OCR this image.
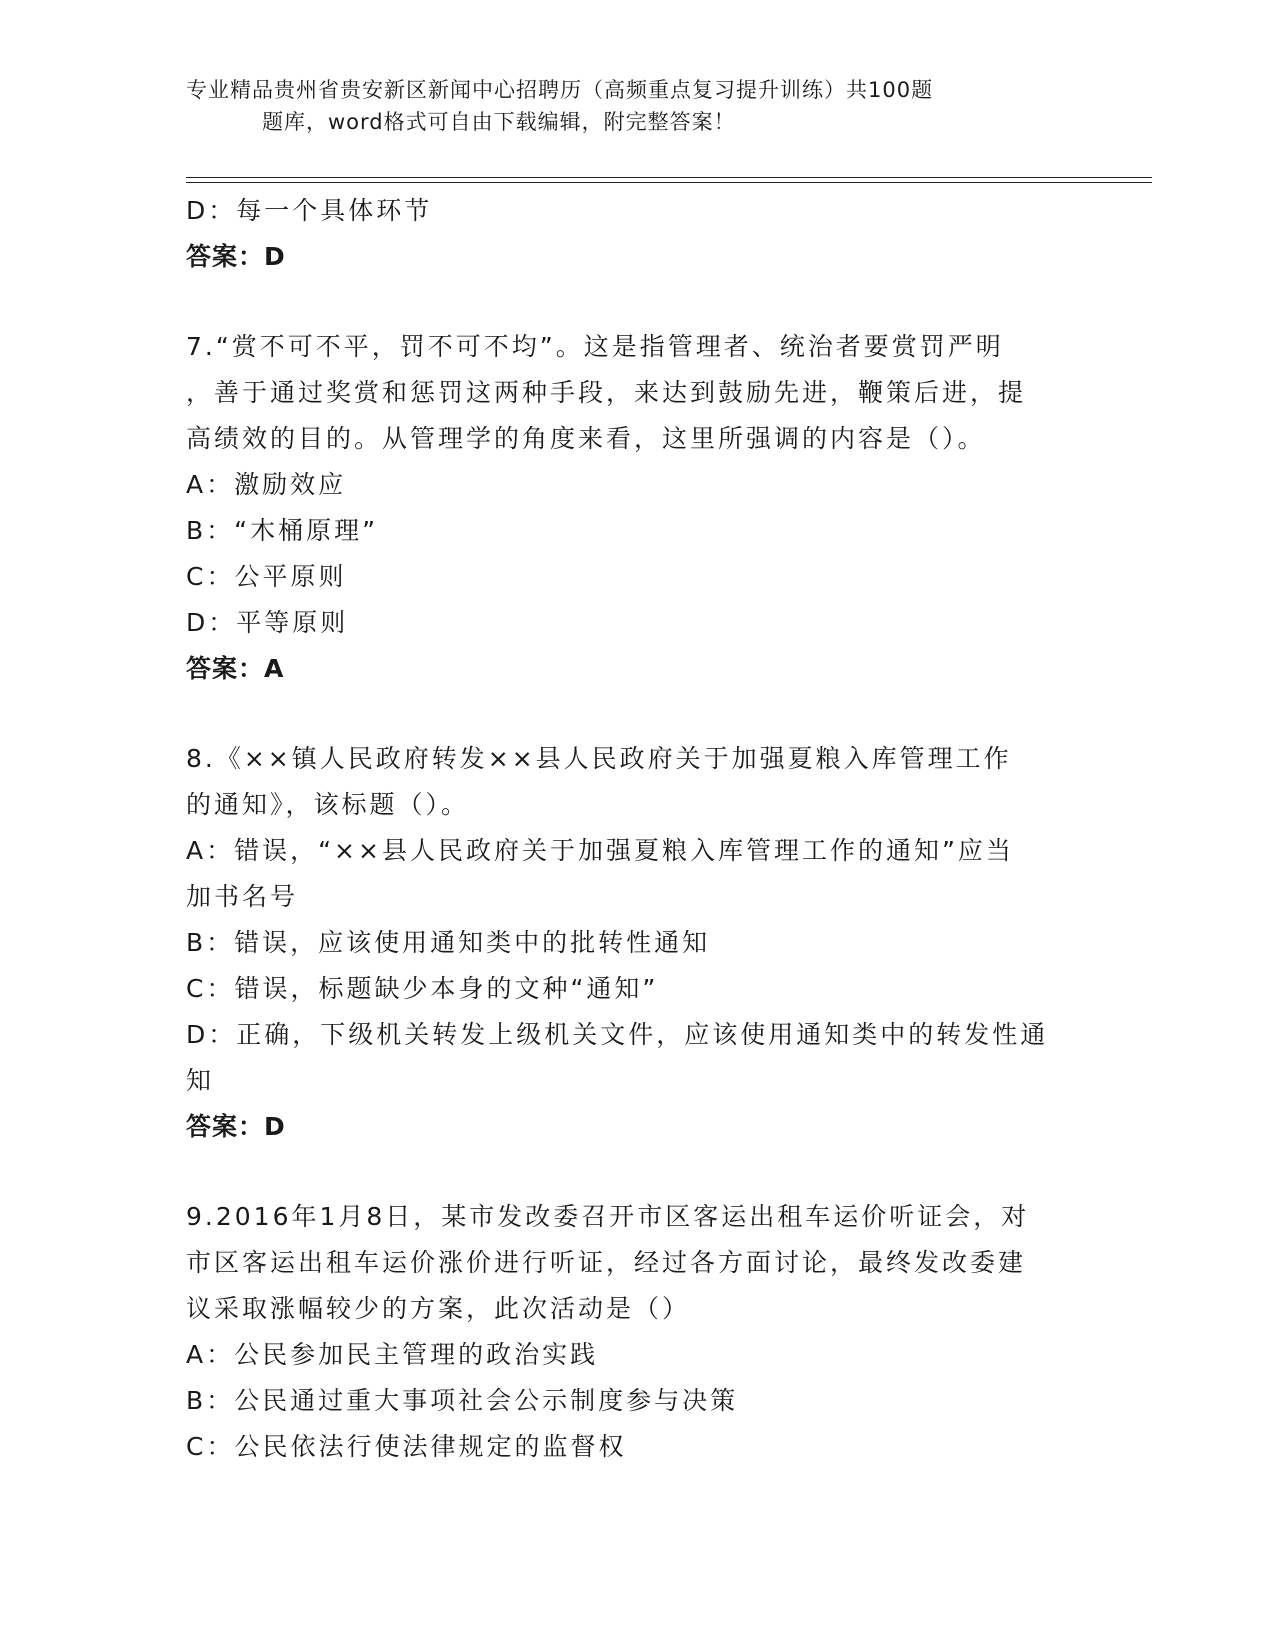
专业精品贵州省贵安新区新闻中心招聘历（高频重点复习提升训练）共100题
题库，word格式可自由下载编辑，附完整答案！
D：每一个具体环节
答案：D
7.“赏不可不平，罚不可不均”。这是指管理者、统治者要赏罚严明
，善于通过奖赏和惩罚这两种手段，来达到鼓励先进，鞭策后进，提
高绩效的目的。从管理学的角度来看，这里所强调的内容是（）。
A：激励效应
B：“木桶原理”
C：公平原则
D：平等原则
答案：A
8.《××镇人民政府转发××县人民政府关于加强夏粮入库管理工作
的通知》，该标题（）。
A：错误，“××县人民政府关于加强夏粮入库管理工作的通知”应当
加书名号
B：错误，应该使用通知类中的批转性通知
C：错误，标题缺少本身的文种“通知”
D：正确，下级机关转发上级机关文件，应该使用通知类中的转发性通
知
答案：D
9.2016年1月8日，某市发改委召开市区客运出租车运价听证会，对
市区客运出租车运价涨价进行听证，经过各方面讨论，最终发改委建
议采取涨幅较少的方案，此次活动是（）
A：公民参加民主管理的政治实践
B：公民通过重大事项社会公示制度参与决策
C：公民依法行使法律规定的监督权
